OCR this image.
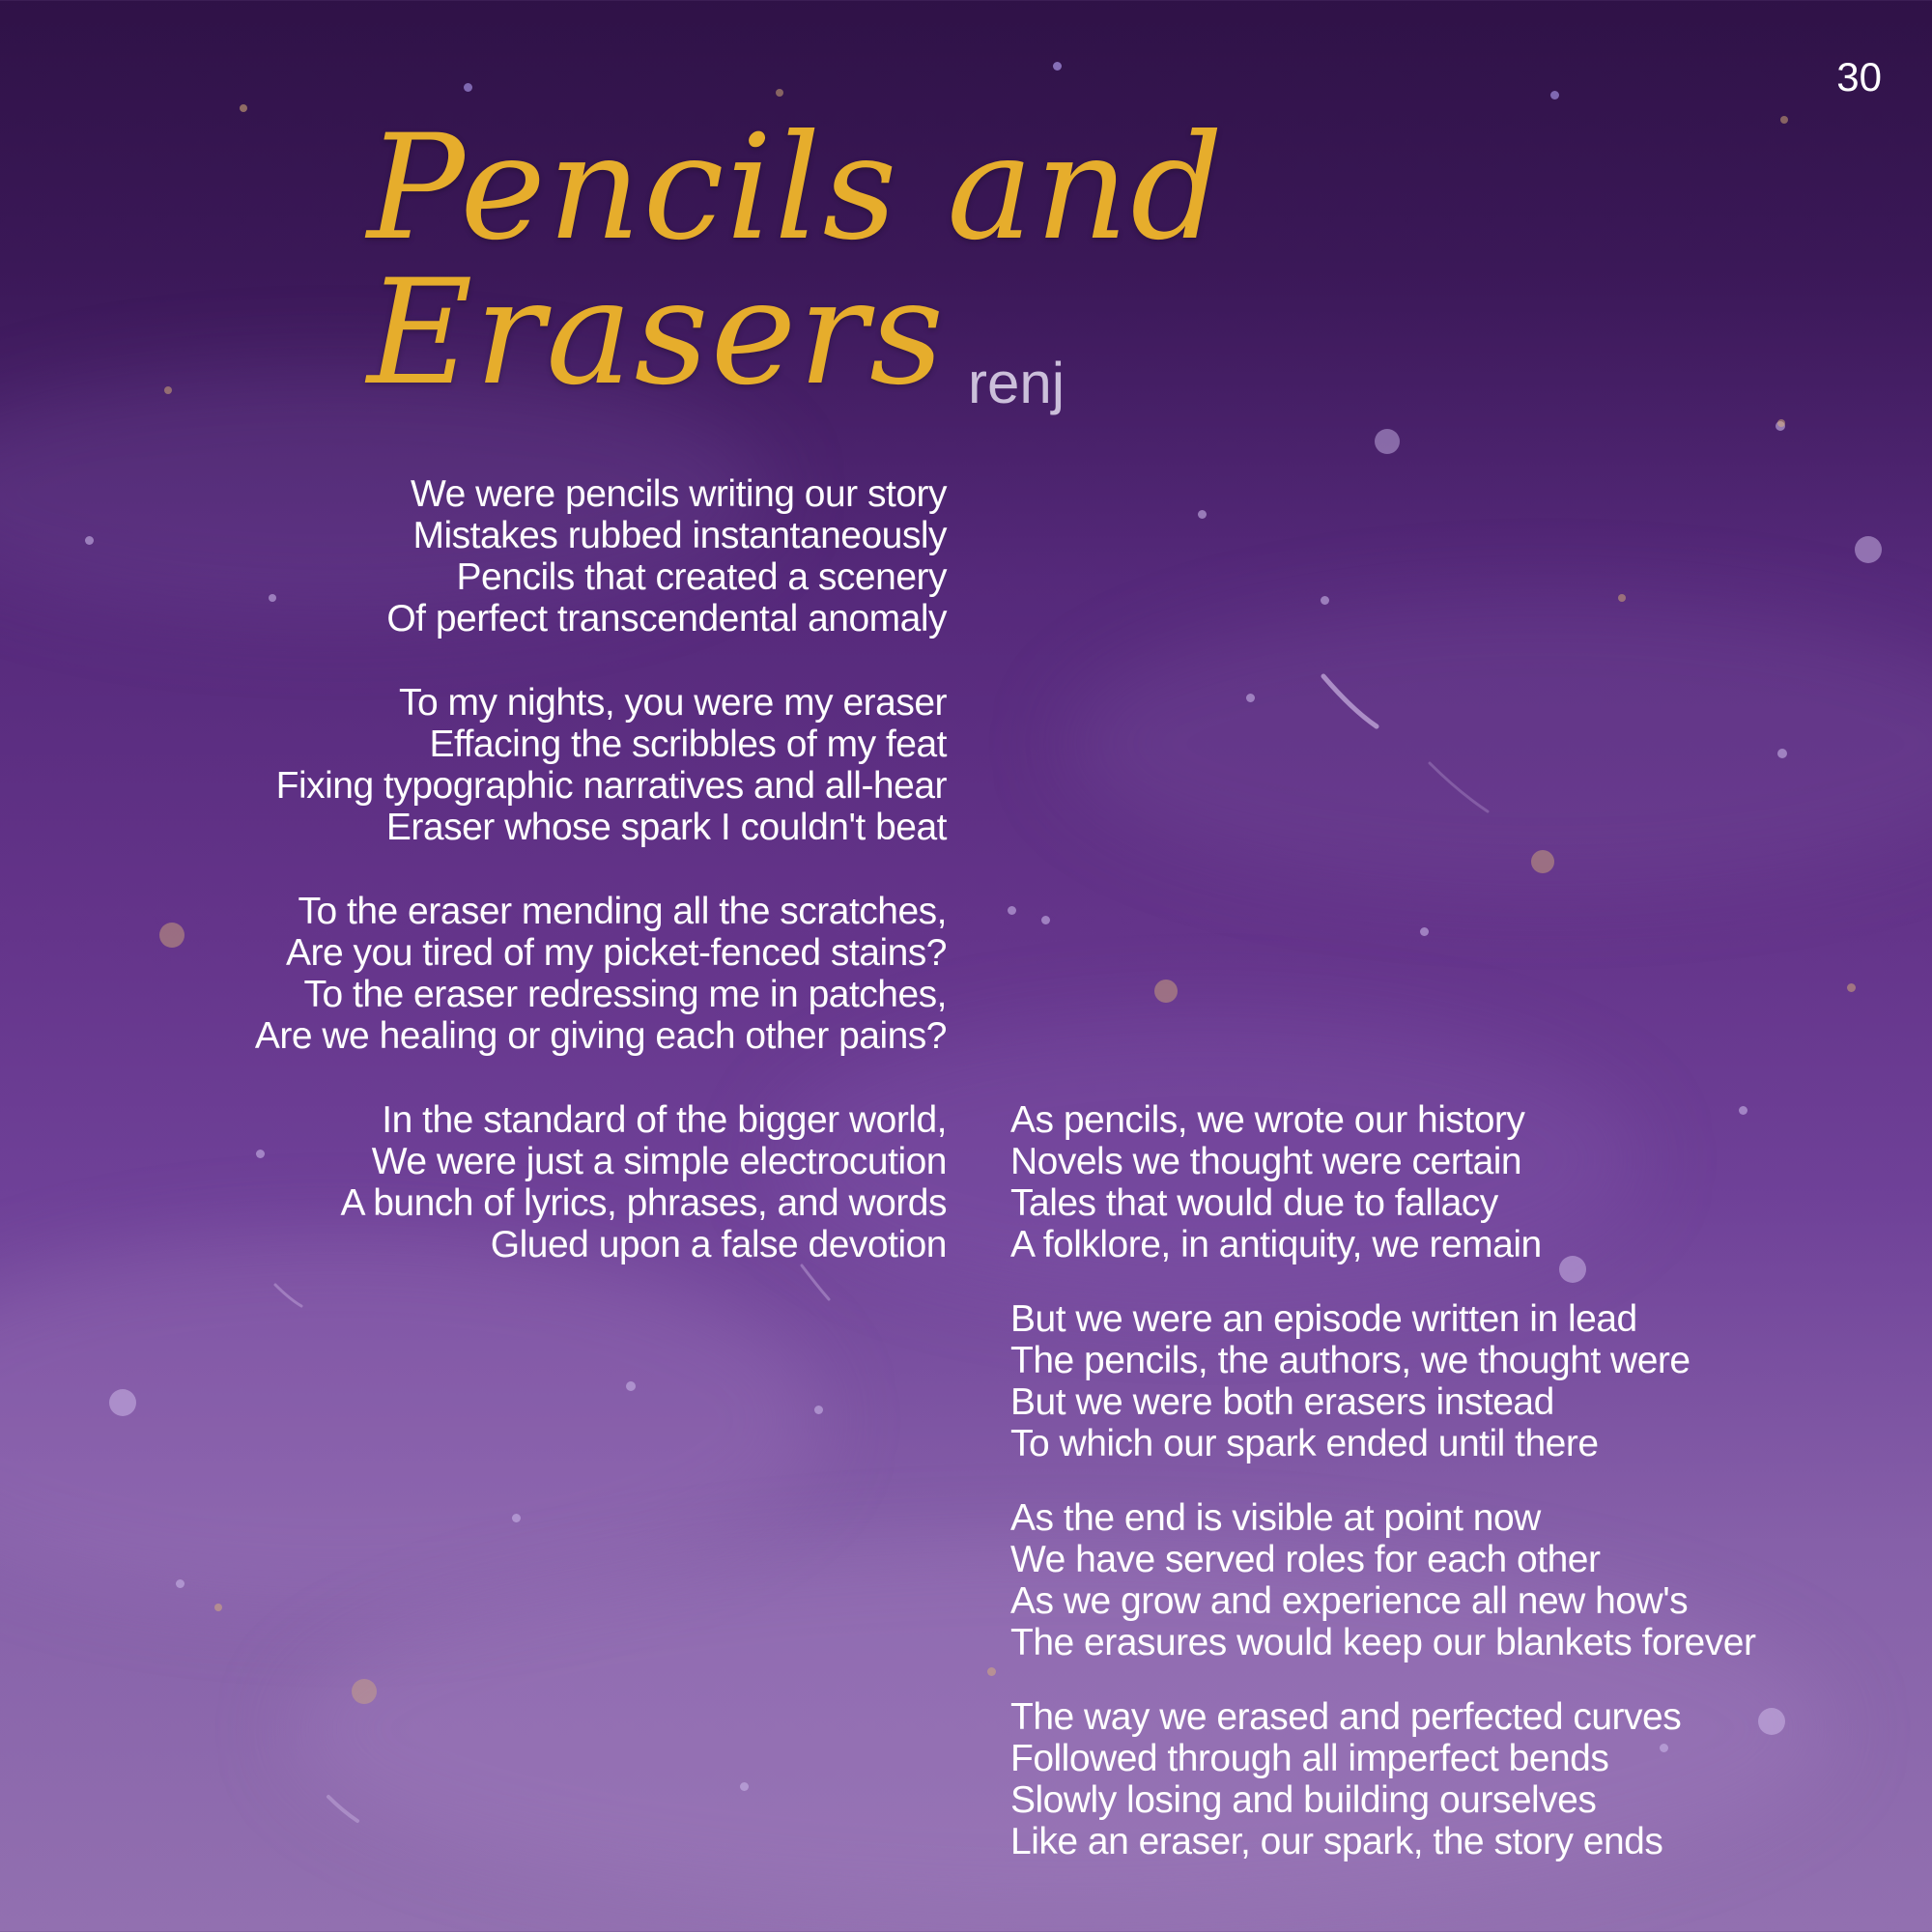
30
Pencils and Erasers renj
We were pencils writing our story
Mistakes rubbed instantaneously
Pencils that created a scenery
Of perfect transcendental anomaly
To my nights, you were my eraser
Effacing the scribbles of my feat
Fixing typographic narratives and all-hear
Eraser whose spark I couldn't beat
To the eraser mending all the scratches,
Are you tired of my picket-fenced stains?
To the eraser redressing me in patches,
Are we healing or giving each other pains?
In the standard of the bigger world,
We were just a simple electrocution
A bunch of lyrics, phrases, and words
Glued upon a false devotion
As pencils, we wrote our history
Novels we thought were certain
Tales that would due to fallacy
A folklore, in antiquity, we remain
But we were an episode written in lead
The pencils, the authors, we thought were
But we were both erasers instead
To which our spark ended until there
As the end is visible at point now
We have served roles for each other
As we grow and experience all new how's
The erasures would keep our blankets forever
The way we erased and perfected curves
Followed through all imperfect bends
Slowly losing and building ourselves
Like an eraser, our spark, the story ends
